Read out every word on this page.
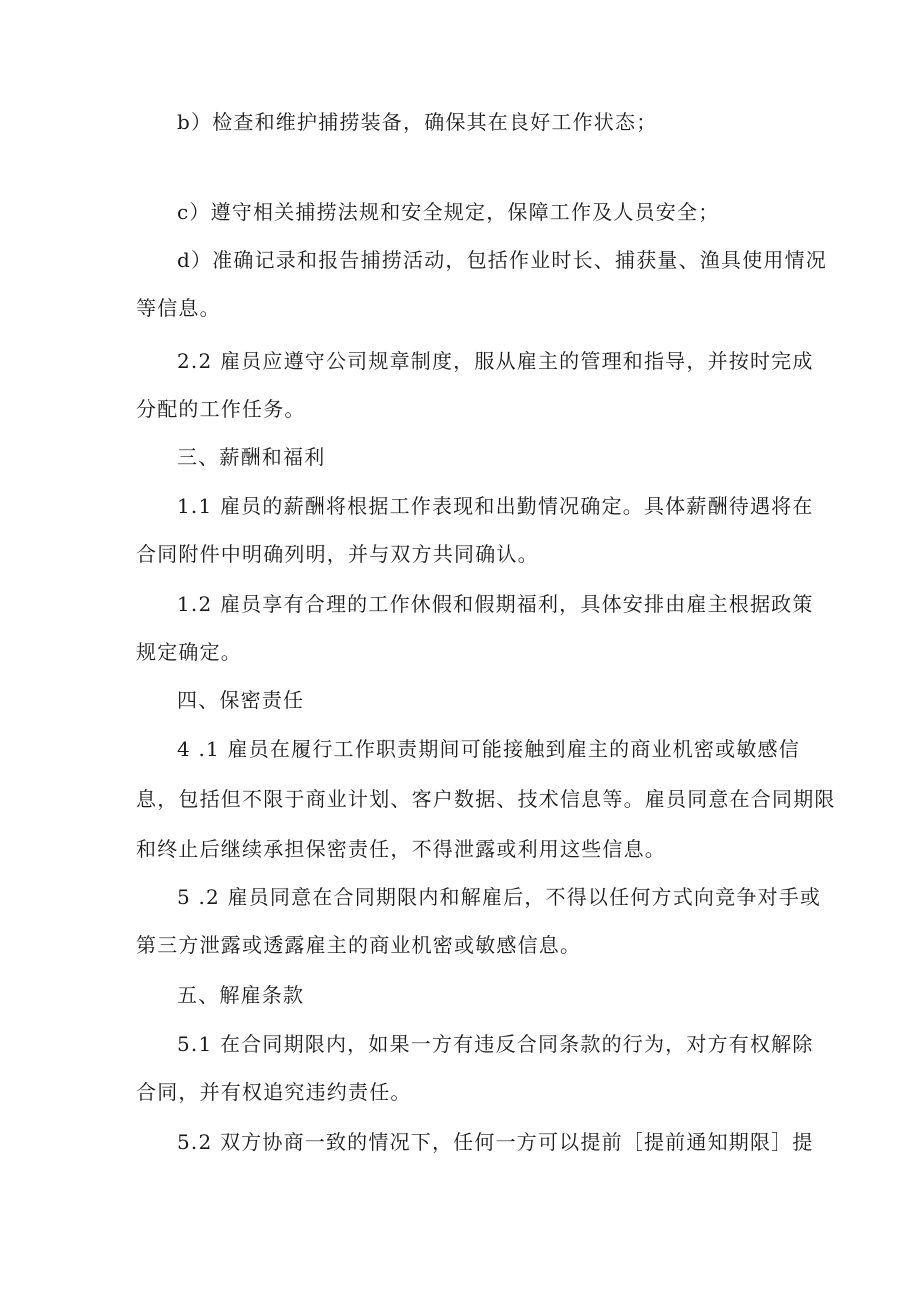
b）检查和维护捕捞装备，确保其在良好工作状态；
c）遵守相关捕捞法规和安全规定，保障工作及人员安全；
d）准确记录和报告捕捞活动，包括作业时长、捕获量、渔具使用情况
等信息。
2.2 雇员应遵守公司规章制度，服从雇主的管理和指导，并按时完成
分配的工作任务。
三、薪酬和福利
1.1 雇员的薪酬将根据工作表现和出勤情况确定。具体薪酬待遇将在
合同附件中明确列明，并与双方共同确认。
1.2 雇员享有合理的工作休假和假期福利，具体安排由雇主根据政策
规定确定。
四、保密责任
4 .1 雇员在履行工作职责期间可能接触到雇主的商业机密或敏感信
息，包括但不限于商业计划、客户数据、技术信息等。雇员同意在合同期限
和终止后继续承担保密责任，不得泄露或利用这些信息。
5 .2 雇员同意在合同期限内和解雇后，不得以任何方式向竞争对手或
第三方泄露或透露雇主的商业机密或敏感信息。
五、解雇条款
5.1 在合同期限内，如果一方有违反合同条款的行为，对方有权解除
合同，并有权追究违约责任。
5.2 双方协商一致的情况下，任何一方可以提前［提前通知期限］提
